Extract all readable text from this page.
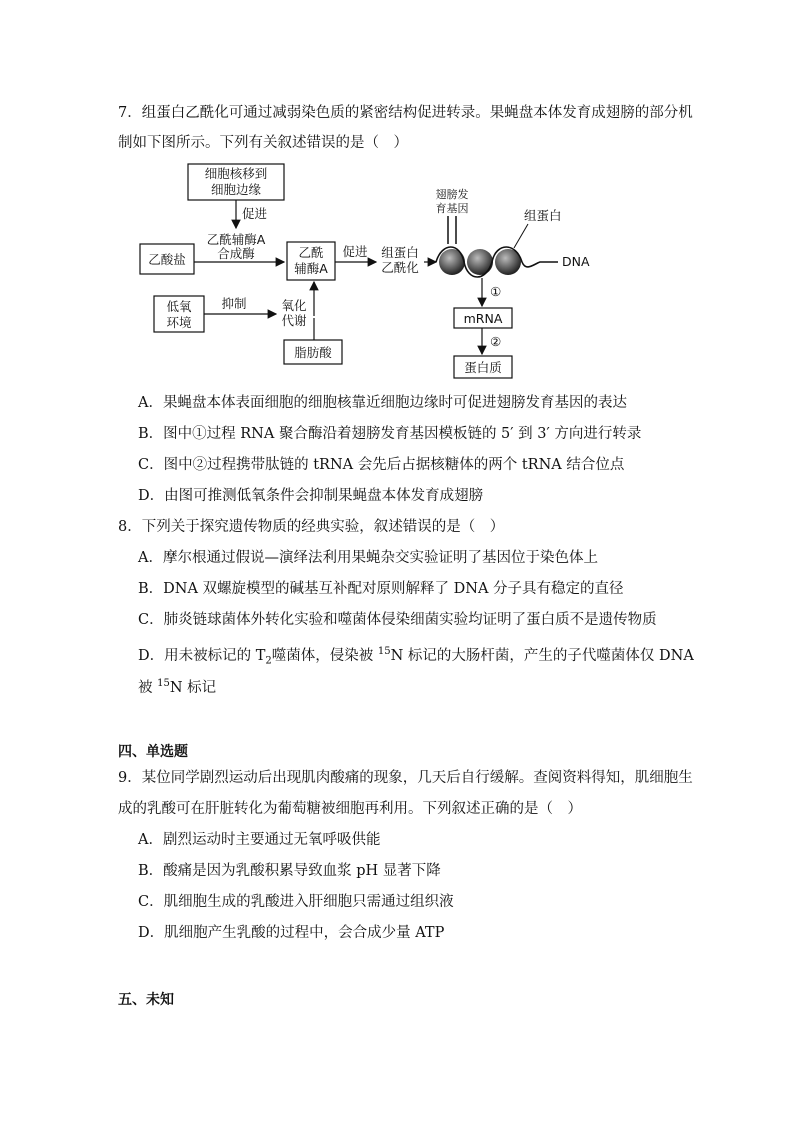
7．组蛋白乙酰化可通过减弱染色质的紧密结构促进转录。果蝇盘本体发育成翅膀的部分机
制如下图所示。下列有关叙述错误的是（　）
细胞核移到
细胞边缘
促进
乙酰辅酶A
合成酶
乙酸盐	乙酰
辅酶A
促进 组蛋白
乙酰化
低氧
环境
抑制	氧化
代谢
脂肪酸
翅膀发
育基因	组蛋白
DNA
①
mRNA
②
蛋白质
A．果蝇盘本体表面细胞的细胞核靠近细胞边缘时可促进翅膀发育基因的表达
B．图中①过程 RNA 聚合酶沿着翅膀发育基因模板链的 5′ 到 3′ 方向进行转录
C．图中②过程携带肽链的 tRNA 会先后占据核糖体的两个 tRNA 结合位点
D．由图可推测低氧条件会抑制果蝇盘本体发育成翅膀
8．下列关于探究遗传物质的经典实验，叙述错误的是（　）
A．摩尔根通过假说—演绎法利用果蝇杂交实验证明了基因位于染色体上
B．DNA 双螺旋模型的碱基互补配对原则解释了 DNA 分子具有稳定的直径
C．肺炎链球菌体外转化实验和噬菌体侵染细菌实验均证明了蛋白质不是遗传物质
D．用未被标记的 $T_2$噬菌体，侵染被 $^{15}$N 标记的大肠杆菌，产生的子代噬菌体仅 DNA
被 $^{15}$N 标记
四、单选题
9．某位同学剧烈运动后出现肌肉酸痛的现象，几天后自行缓解。查阅资料得知，肌细胞生
成的乳酸可在肝脏转化为葡萄糖被细胞再利用。下列叙述正确的是（　）
A．剧烈运动时主要通过无氧呼吸供能
B．酸痛是因为乳酸积累导致血浆 pH 显著下降
C．肌细胞生成的乳酸进入肝细胞只需通过组织液
D．肌细胞产生乳酸的过程中，会合成少量 ATP
五、未知
